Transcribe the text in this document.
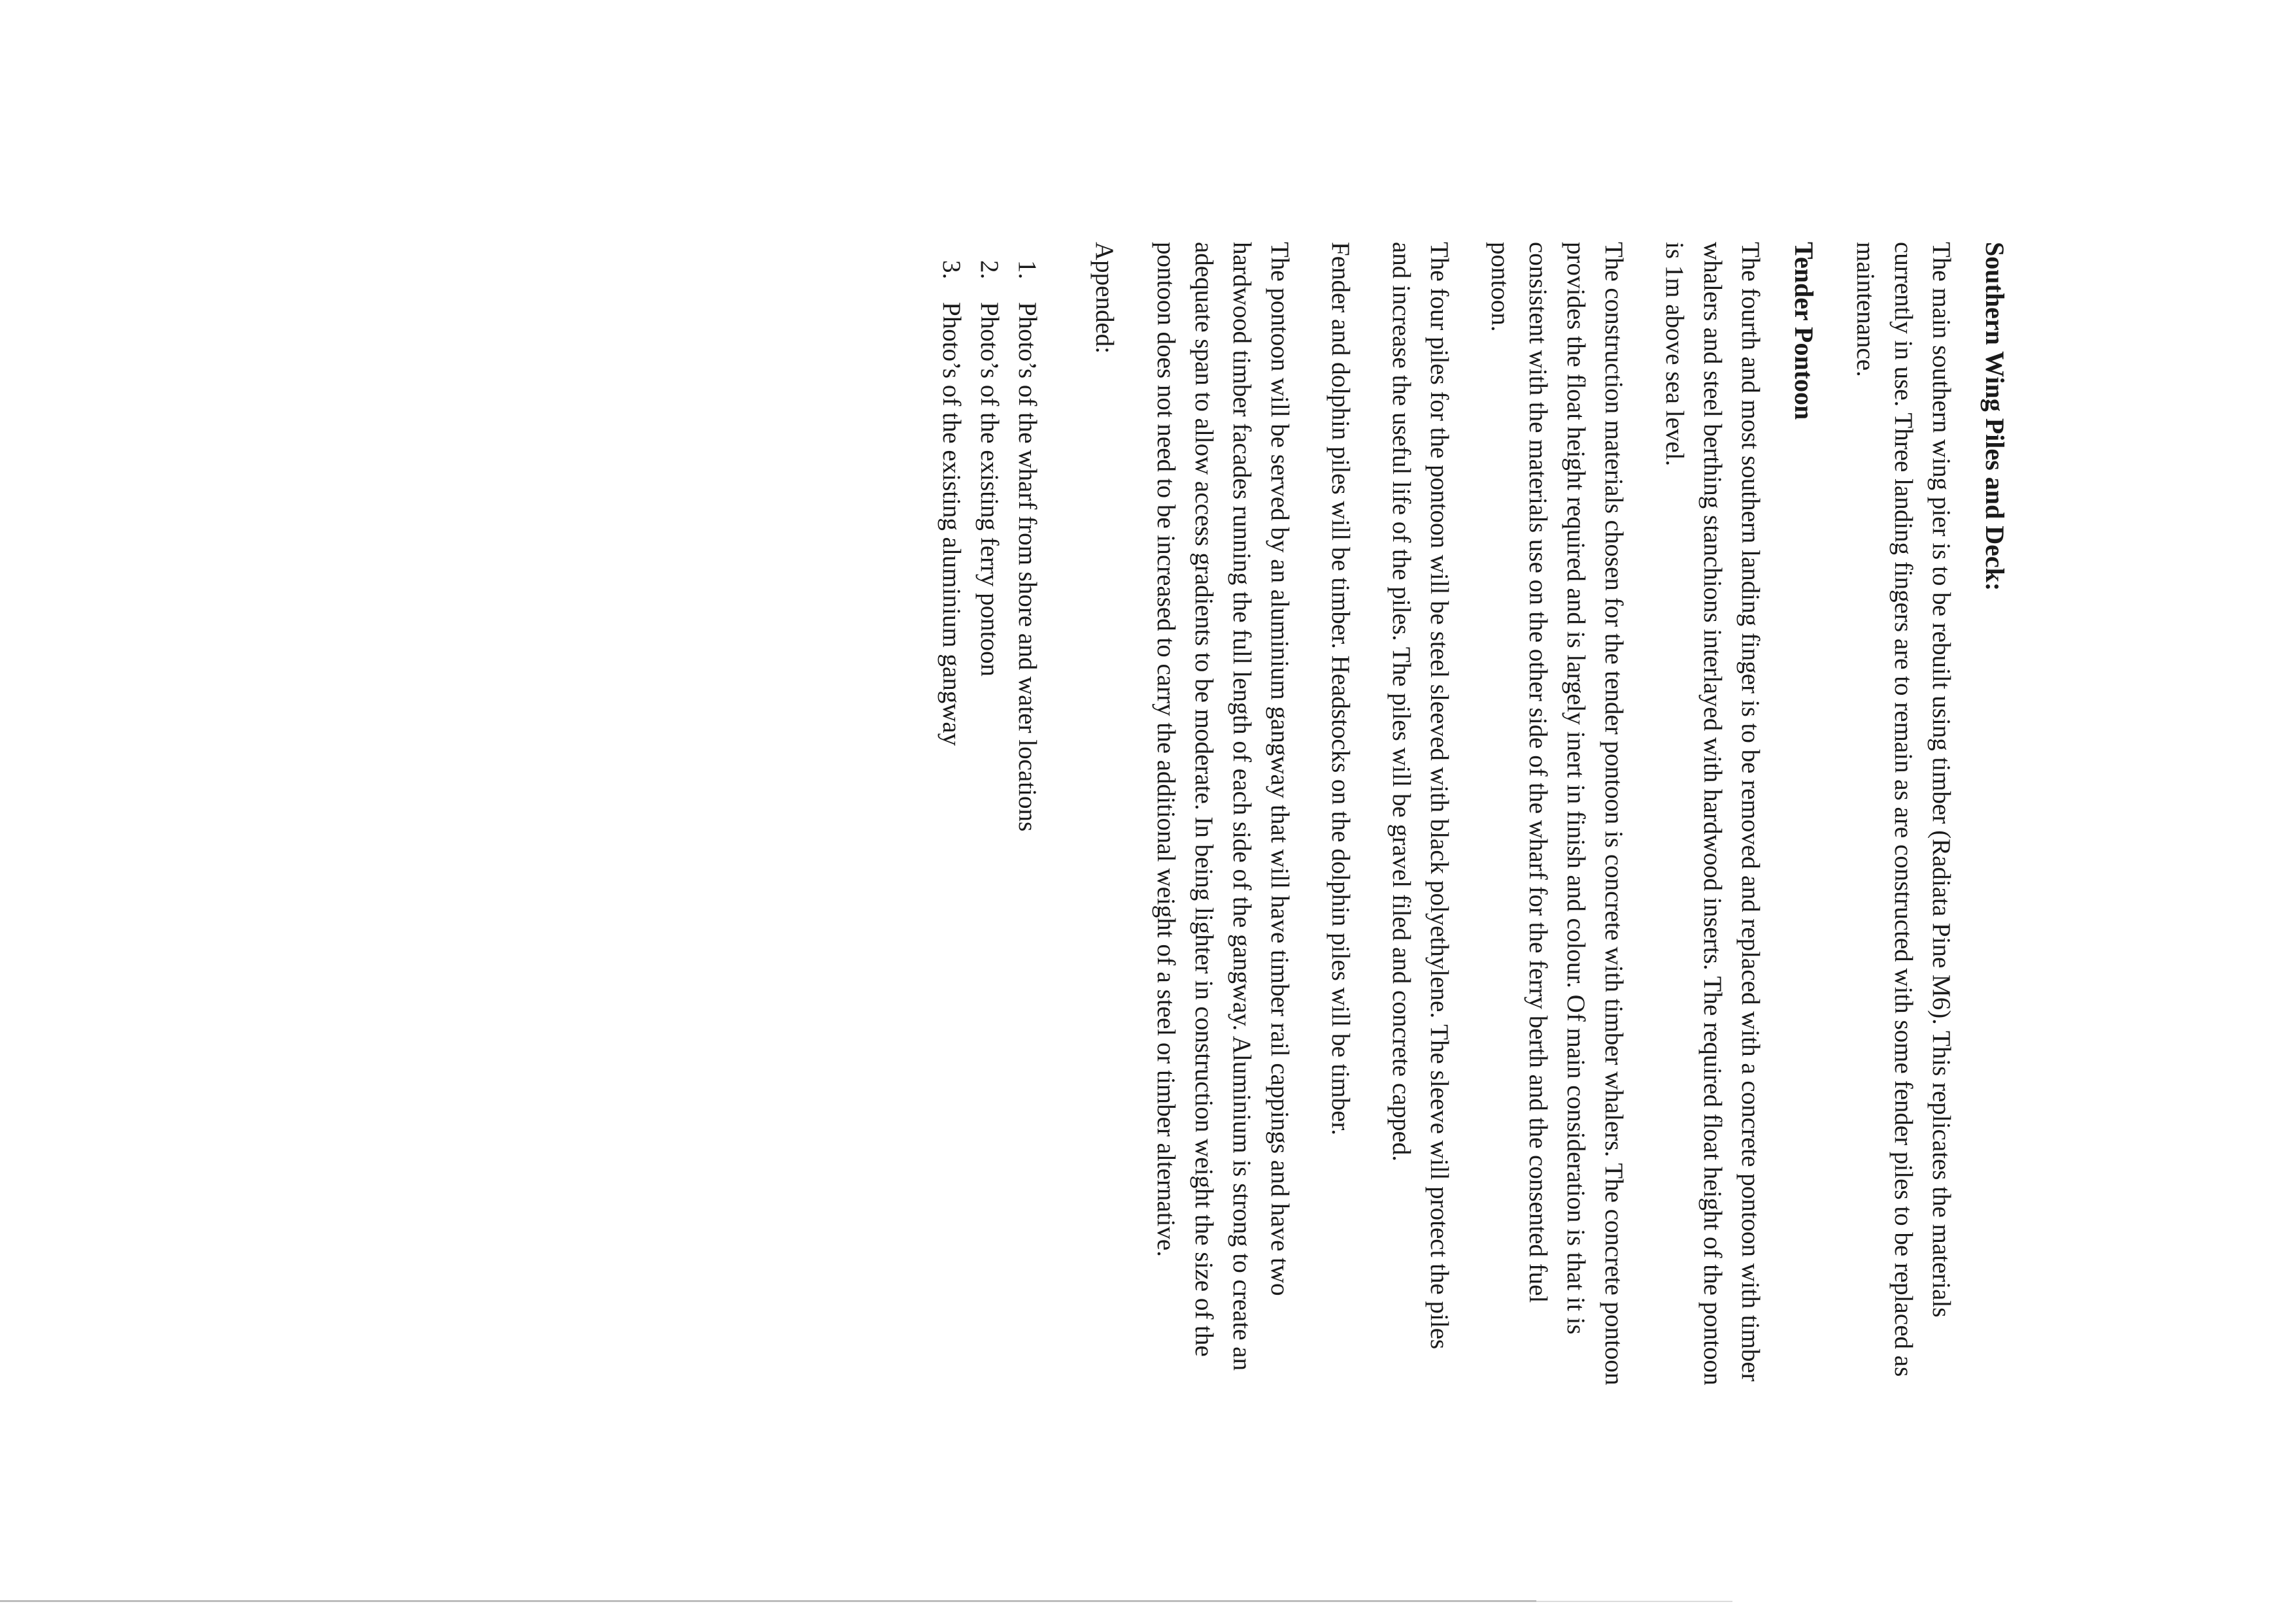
Southern Wing Piles and Deck:

The main southern wing pier is to be rebuilt using timber (Radiata Pine M6). This replicates the materials currently in use. Three landing fingers are to remain as are constructed with some fender piles to be replaced as maintenance.

Tender Pontoon

The fourth and most southern landing finger is to be removed and replaced with a concrete pontoon with timber whalers and steel berthing stanchions interlayed with hardwood inserts. The required float height of the pontoon is 1m above sea level.

The construction materials chosen for the tender pontoon is concrete with timber whalers. The concrete pontoon provides the float height required and is largely inert in finish and colour. Of main consideration is that it is consistent with the materials use on the other side of the wharf for the ferry berth and the consented fuel pontoon.

The four piles for the pontoon will be steel sleeved with black polyethylene. The sleeve will protect the piles and increase the useful life of the piles. The piles will be gravel filed and concrete capped.

Fender and dolphin piles will be timber. Headstocks on the dolphin piles will be timber.

The pontoon will be served by an aluminium gangway that will have timber rail cappings and have two hardwood timber facades running the full length of each side of the gangway. Aluminium is strong to create an adequate span to allow access gradients to be moderate. In being lighter in construction weight the size of the pontoon does not need to be increased to carry the additional weight of a steel or timber alternative.

Appended:

1.
Photo’s of the wharf from shore and water locations
2.
Photo’s of the existing ferry pontoon
3.
Photo’s of the existing aluminium gangway
